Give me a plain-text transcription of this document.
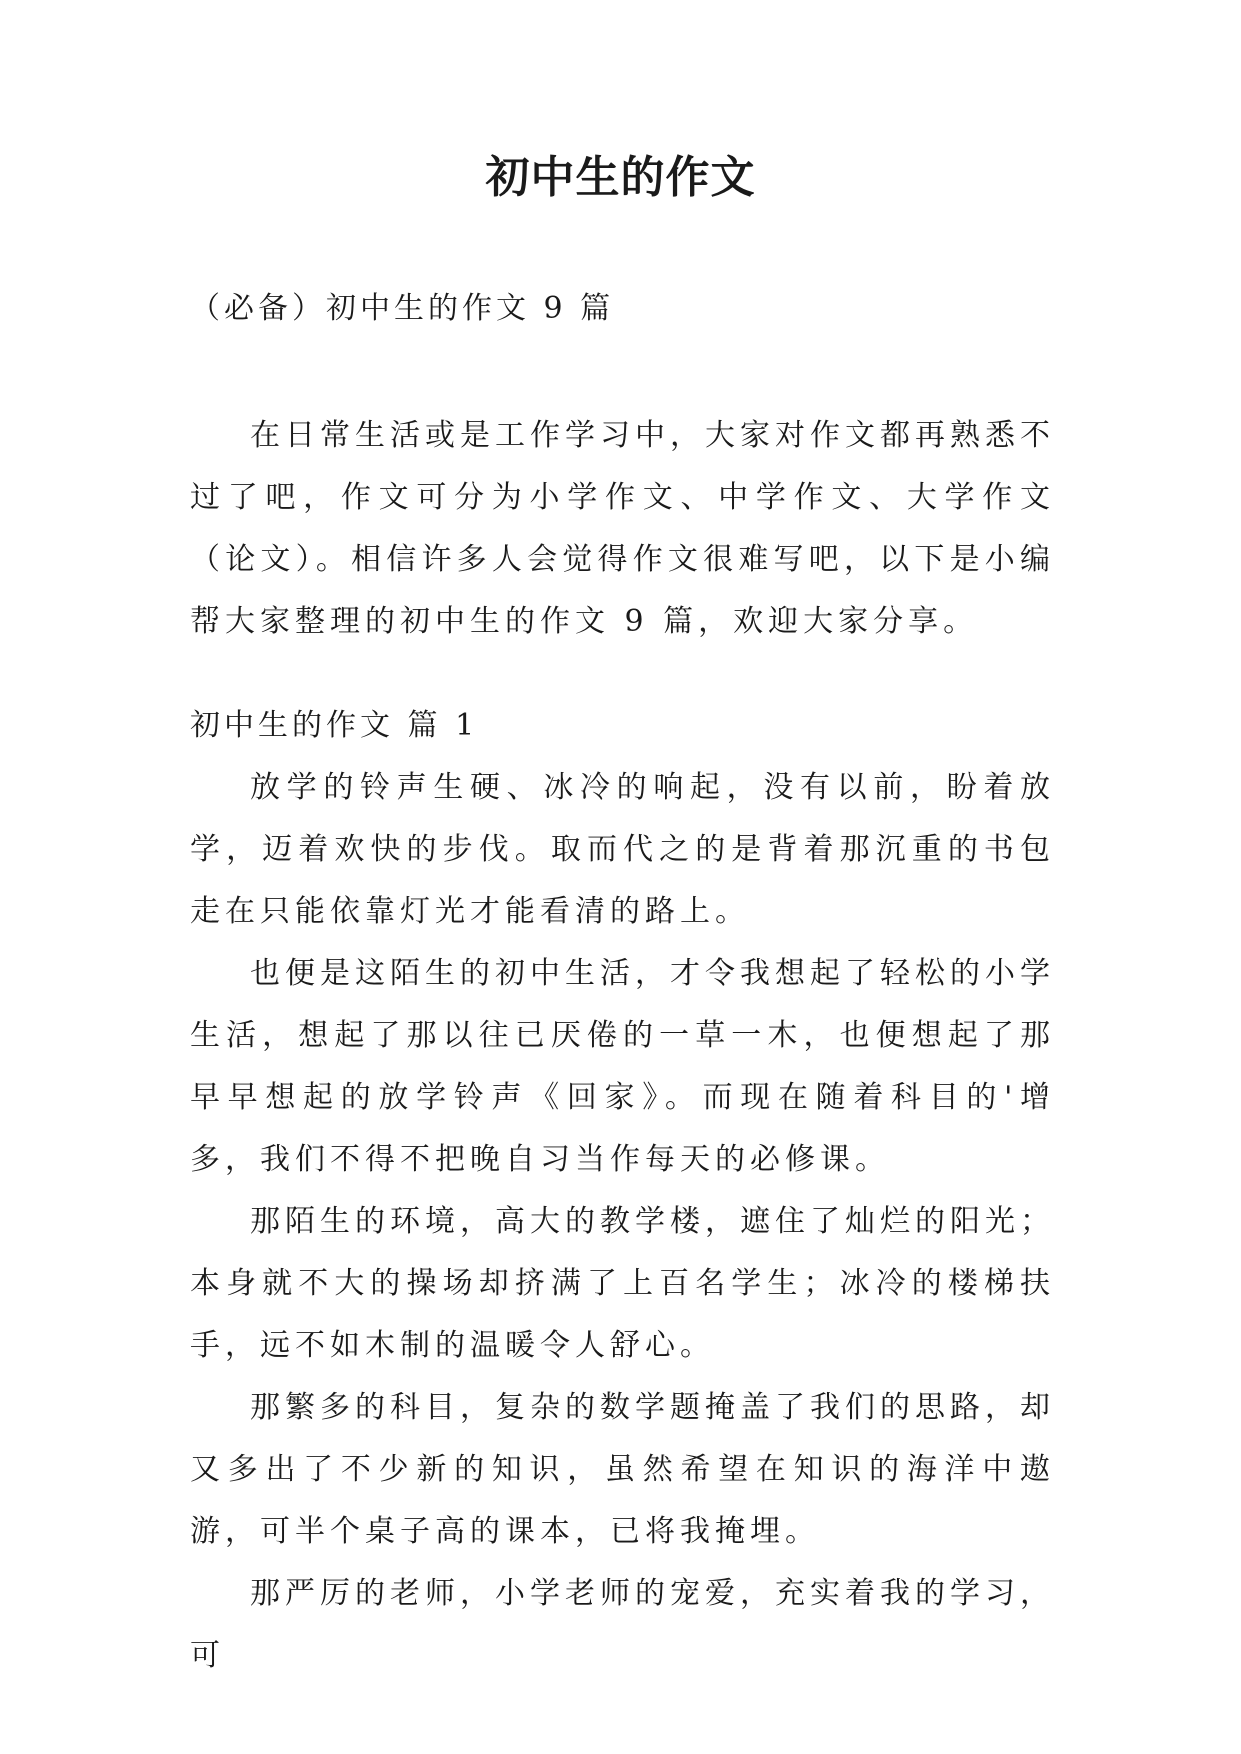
初中生的作文
（必备）初中生的作文 9 篇

在日常生活或是工作学习中，大家对作文都再熟悉不过了吧，作文可分为小学作文、中学作文、大学作文（论文）。相信许多人会觉得作文很难写吧，以下是小编帮大家整理的初中生的作文 9 篇，欢迎大家分享。

初中生的作文 篇 1

放学的铃声生硬、冰冷的响起，没有以前，盼着放学，迈着欢快的步伐。取而代之的是背着那沉重的书包走在只能依靠灯光才能看清的路上。

也便是这陌生的初中生活，才令我想起了轻松的小学生活，想起了那以往已厌倦的一草一木，也便想起了那早早想起的放学铃声《回家》。而现在随着科目的'增多，我们不得不把晚自习当作每天的必修课。

那陌生的环境，高大的教学楼，遮住了灿烂的阳光；本身就不大的操场却挤满了上百名学生；冰冷的楼梯扶手，远不如木制的温暖令人舒心。

那繁多的科目，复杂的数学题掩盖了我们的思路，却又多出了不少新的知识，虽然希望在知识的海洋中遨游，可半个桌子高的课本，已将我掩埋。

那严厉的老师，小学老师的宠爱，充实着我的学习，可
